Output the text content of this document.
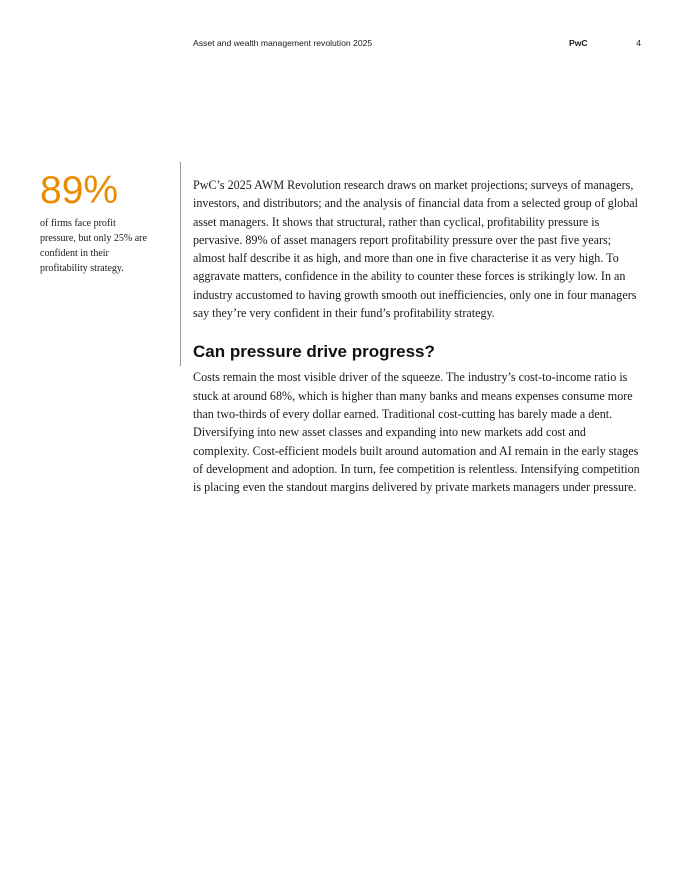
Asset and wealth management revolution 2025	PwC	4
89%
of firms face profit pressure, but only 25% are confident in their profitability strategy.

PwC’s 2025 AWM Revolution research draws on market projections; surveys of managers, investors, and distributors; and the analysis of financial data from a selected group of global asset managers. It shows that structural, rather than cyclical, profitability pressure is pervasive. 89% of asset managers report profitability pressure over the past five years; almost half describe it as high, and more than one in five characterise it as very high. To aggravate matters, confidence in the ability to counter these forces is strikingly low. In an industry accustomed to having growth smooth out inefficiencies, only one in four managers say they’re very confident in their fund’s profitability strategy.

Can pressure drive progress?

Costs remain the most visible driver of the squeeze. The industry’s cost-to-income ratio is stuck at around 68%, which is higher than many banks and means expenses consume more than two-thirds of every dollar earned. Traditional cost-cutting has barely made a dent. Diversifying into new asset classes and expanding into new markets add cost and complexity. Cost-efficient models built around automation and AI remain in the early stages of development and adoption. In turn, fee competition is relentless. Intensifying competition is placing even the standout margins delivered by private markets managers under pressure.
